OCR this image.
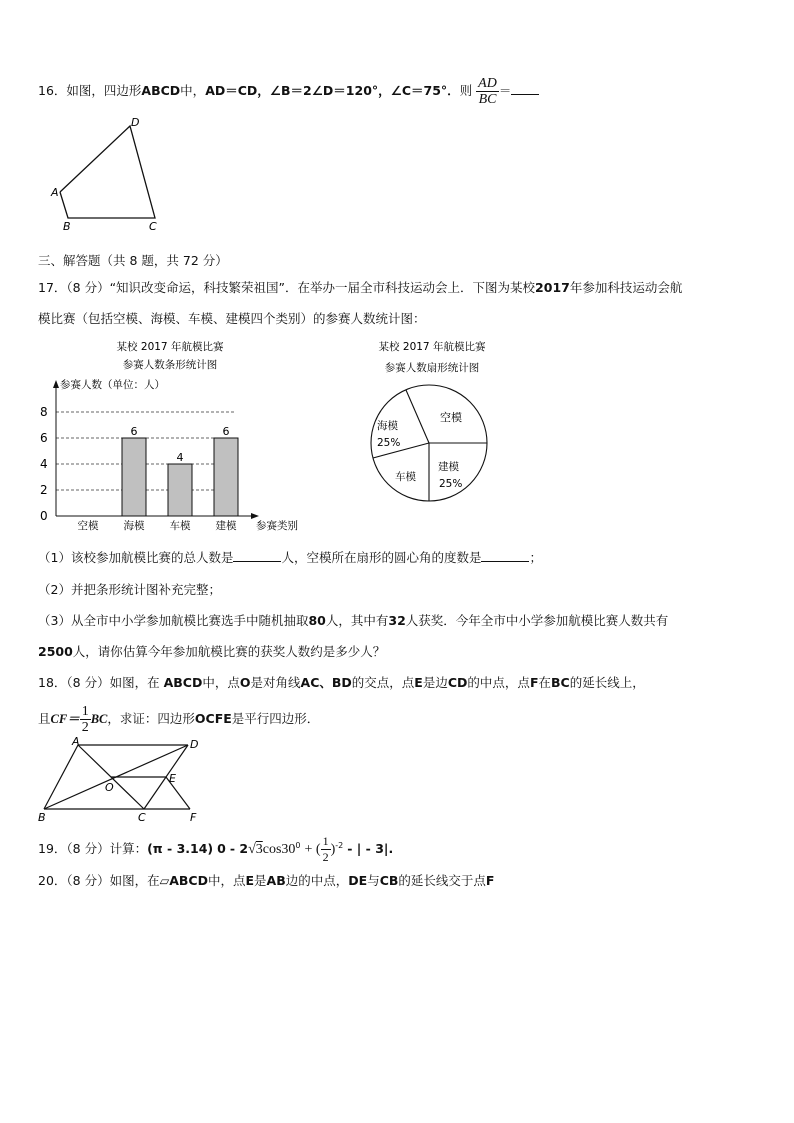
16．如图，四边形ABCD中，AD＝CD，∠B＝2∠D＝120°，∠C＝75°．则 $\frac{AD}{BC}$ ＝
A
B	C
D
三、解答题（共 8 题，共 72 分）
17．（8 分）“知识改变命运，科技繁荣祖国”．在举办一届全市科技运动会上．下图为某校2017年参加科技运动会航
模比赛（包括空模、海模、车模、建模四个类别）的参赛人数统计图：
某校 2017 年航模比赛
参赛人数条形统计图
参赛人数（单位：人）
0
2
4
6
8
6
4
6
空模 海模 车模 建模 参赛类别
某校 2017 年航模比赛
参赛人数扇形统计图
空模
建模
25%
车模
海模
25%
（1）该校参加航模比赛的总人数是	人，空模所在扇形的圆心角的度数是	；
（2）并把条形统计图补充完整；
（3）从全市中小学参加航模比赛选手中随机抽取80人，其中有32人获奖．今年全市中小学参加航模比赛人数共有
2500人，请你估算今年参加航模比赛的获奖人数约是多少人？
18．（8 分）如图，在 ABCD中，点O是对角线AC、BD的交点，点E是边CD的中点，点F在BC的延长线上，
且$CF= \frac{1}{2}$ BC，求证：四边形OCFE是平行四边形．
A
B	C
D
E
F
O
19．（8 分）计算：(π - 3.14) $0 - 2√3\cos 30^0$ + ( $\frac{1}{2} )^{-2}$ - | - 3|.
20．（8 分）如图，在▱ABCD中，点E是AB边的中点，DE与CB的延长线交于点F
